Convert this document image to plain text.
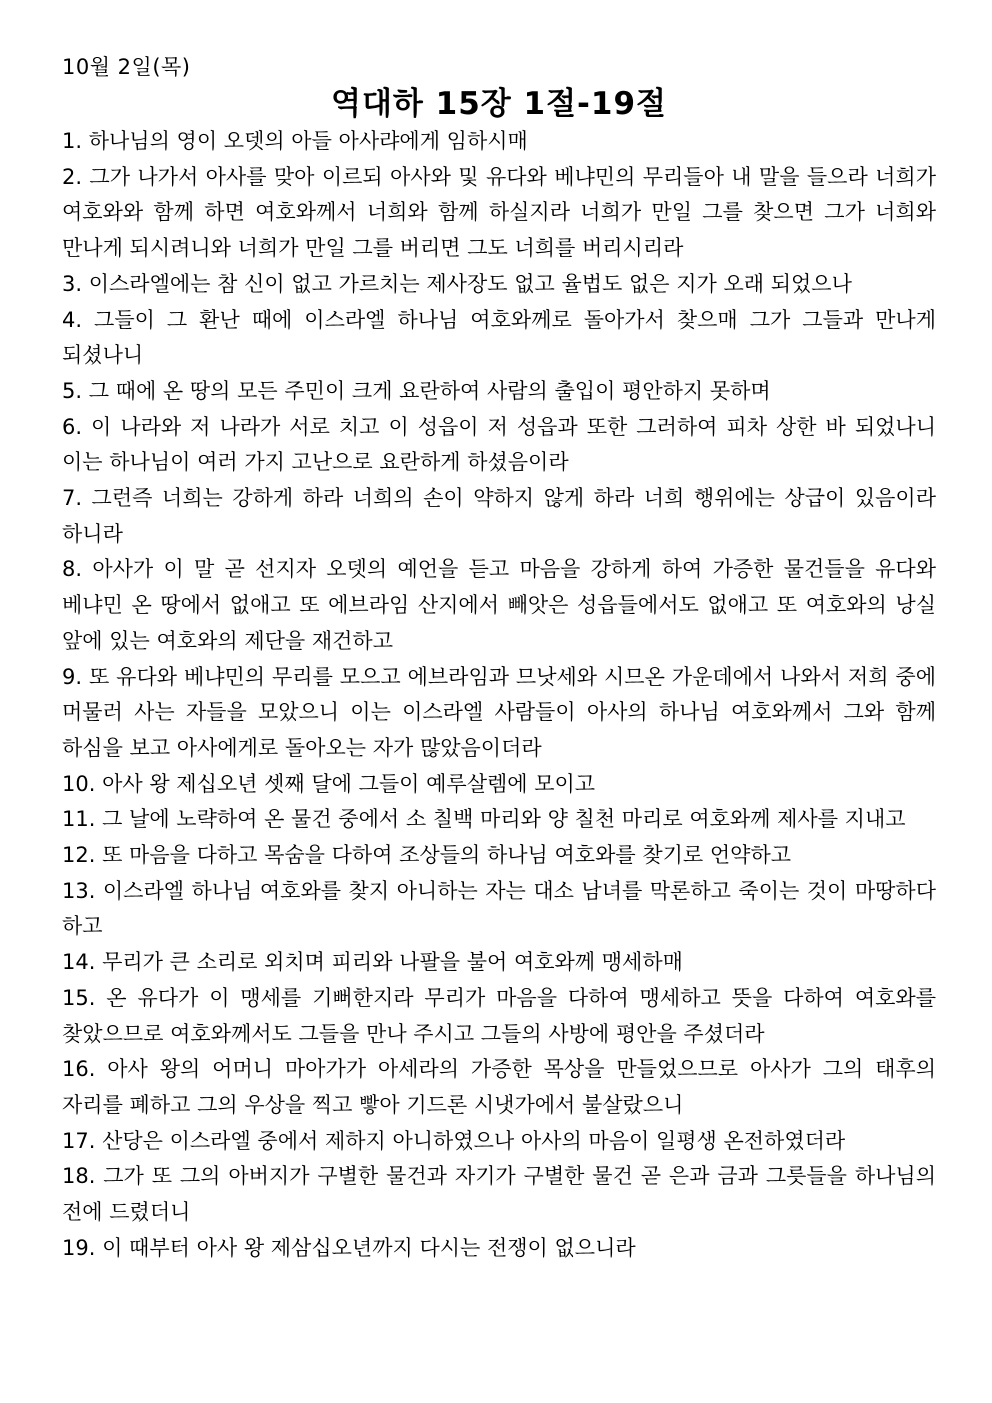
10월 2일(목)
역대하 15장 1절-19절

1. 하나님의 영이 오뎃의 아들 아사랴에게 임하시매

2. 그가 나가서 아사를 맞아 이르되 아사와 및 유다와 베냐민의 무리들아 내 말을 들으라 너희가 여호와와 함께 하면 여호와께서 너희와 함께 하실지라 너희가 만일 그를 찾으면 그가 너희와 만나게 되시려니와 너희가 만일 그를 버리면 그도 너희를 버리시리라

3. 이스라엘에는 참 신이 없고 가르치는 제사장도 없고 율법도 없은 지가 오래 되었으나

4. 그들이 그 환난 때에 이스라엘 하나님 여호와께로 돌아가서 찾으매 그가 그들과 만나게 되셨나니

5. 그 때에 온 땅의 모든 주민이 크게 요란하여 사람의 출입이 평안하지 못하며

6. 이 나라와 저 나라가 서로 치고 이 성읍이 저 성읍과 또한 그러하여 피차 상한 바 되었나니 이는 하나님이 여러 가지 고난으로 요란하게 하셨음이라

7. 그런즉 너희는 강하게 하라 너희의 손이 약하지 않게 하라 너희 행위에는 상급이 있음이라 하니라

8. 아사가 이 말 곧 선지자 오뎃의 예언을 듣고 마음을 강하게 하여 가증한 물건들을 유다와 베냐민 온 땅에서 없애고 또 에브라임 산지에서 빼앗은 성읍들에서도 없애고 또 여호와의 낭실 앞에 있는 여호와의 제단을 재건하고

9. 또 유다와 베냐민의 무리를 모으고 에브라임과 므낫세와 시므온 가운데에서 나와서 저희 중에 머물러 사는 자들을 모았으니 이는 이스라엘 사람들이 아사의 하나님 여호와께서 그와 함께 하심을 보고 아사에게로 돌아오는 자가 많았음이더라

10. 아사 왕 제십오년 셋째 달에 그들이 예루살렘에 모이고

11. 그 날에 노략하여 온 물건 중에서 소 칠백 마리와 양 칠천 마리로 여호와께 제사를 지내고

12. 또 마음을 다하고 목숨을 다하여 조상들의 하나님 여호와를 찾기로 언약하고

13. 이스라엘 하나님 여호와를 찾지 아니하는 자는 대소 남녀를 막론하고 죽이는 것이 마땅하다 하고

14. 무리가 큰 소리로 외치며 피리와 나팔을 불어 여호와께 맹세하매

15. 온 유다가 이 맹세를 기뻐한지라 무리가 마음을 다하여 맹세하고 뜻을 다하여 여호와를 찾았으므로 여호와께서도 그들을 만나 주시고 그들의 사방에 평안을 주셨더라

16. 아사 왕의 어머니 마아가가 아세라의 가증한 목상을 만들었으므로 아사가 그의 태후의 자리를 폐하고 그의 우상을 찍고 빻아 기드론 시냇가에서 불살랐으니

17. 산당은 이스라엘 중에서 제하지 아니하였으나 아사의 마음이 일평생 온전하였더라

18. 그가 또 그의 아버지가 구별한 물건과 자기가 구별한 물건 곧 은과 금과 그릇들을 하나님의 전에 드렸더니

19. 이 때부터 아사 왕 제삼십오년까지 다시는 전쟁이 없으니라
